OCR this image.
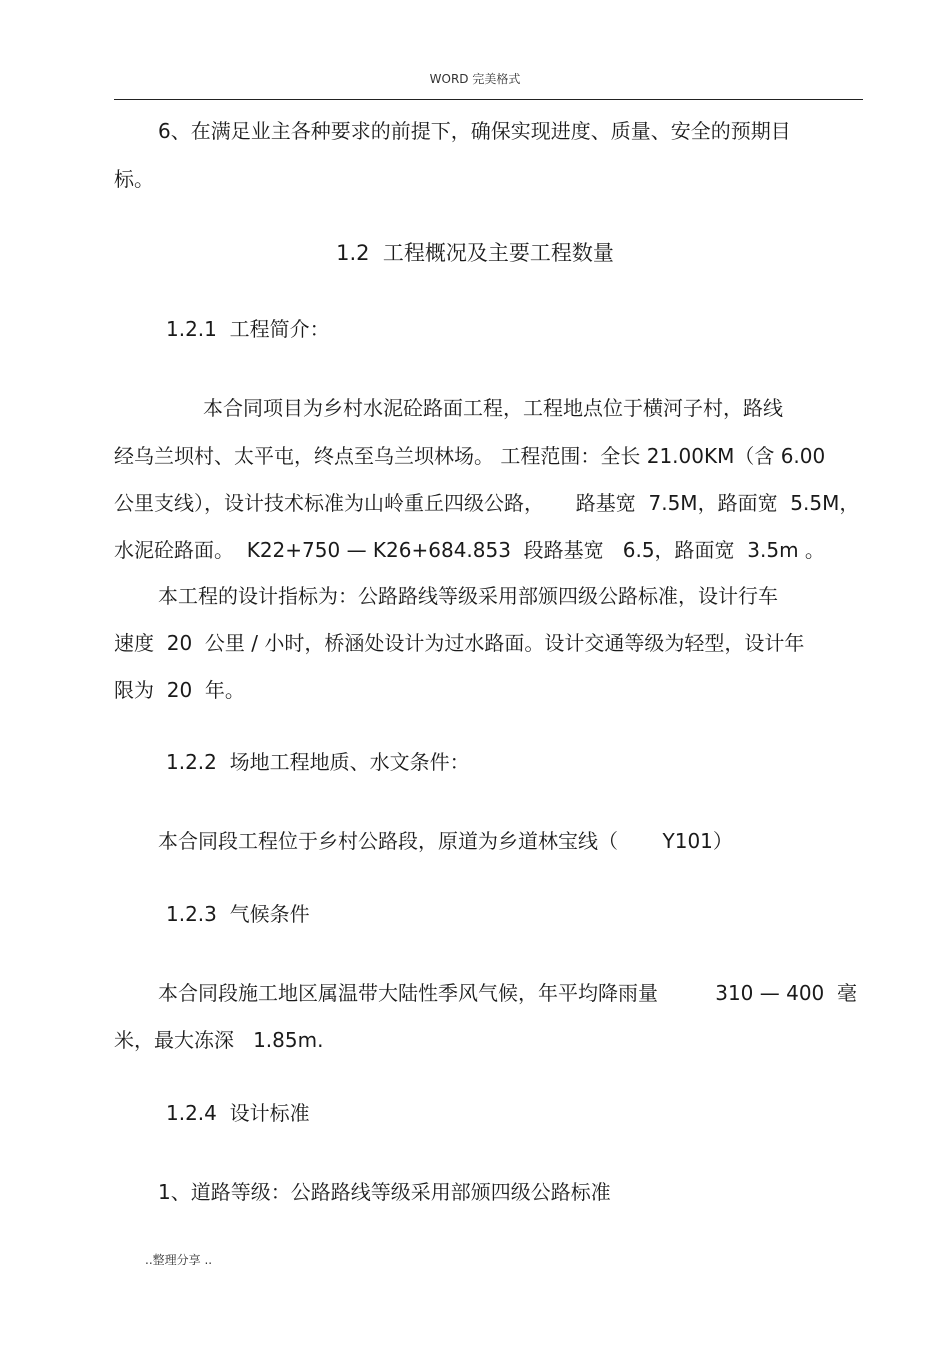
WORD 完美格式
6、在满足业主各种要求的前提下，确保实现进度、质量、安全的预期目
标。
1.2  工程概况及主要工程数量
1.2.1  工程简介：
本合同项目为乡村水泥砼路面工程，工程地点位于横河子村，路线
经乌兰坝村、太平屯，终点至乌兰坝林场。 工程范围：全长 21.00KM（含 6.00
公里支线），设计技术标准为山岭重丘四级公路，     路基宽  7.5M，路面宽  5.5M，
水泥砼路面。  K22+750 — K26+684.853  段路基宽   6.5，路面宽  3.5m 。
本工程的设计指标为：公路路线等级采用部颁四级公路标准，设计行车
速度  20  公里 / 小时，桥涵处设计为过水路面。设计交通等级为轻型，设计年
限为  20  年。
1.2.2  场地工程地质、水文条件：
本合同段工程位于乡村公路段，原道为乡道林宝线（       Y101）
1.2.3  气候条件
本合同段施工地区属温带大陆性季风气候，年平均降雨量         310 — 400  毫
米，最大冻深   1.85m.
1.2.4  设计标准
1、道路等级：公路路线等级采用部颁四级公路标准
..整理分享 ..
